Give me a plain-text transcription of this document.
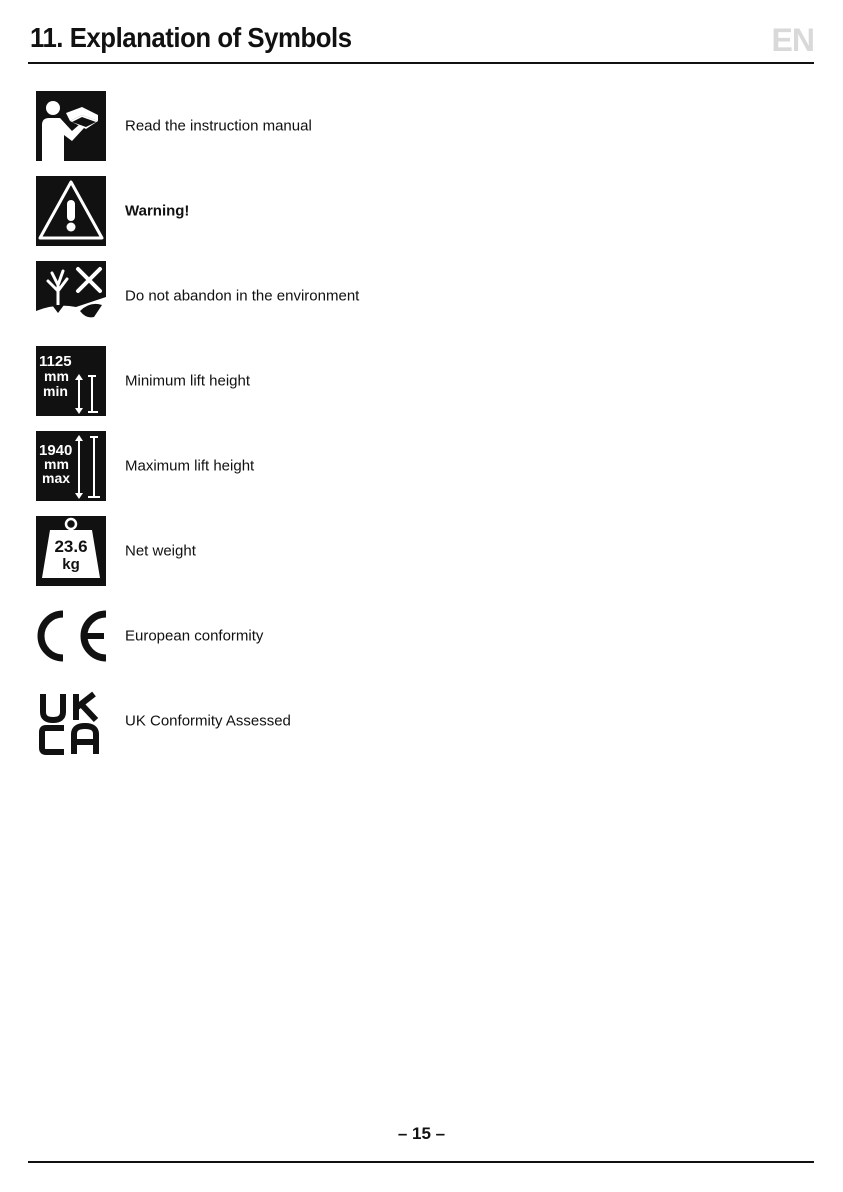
11. Explanation of Symbols	EN
Read the instruction manual
Warning!
Do not abandon in the environment
1125
mm
min
Minimum lift height
1940
mm
max
Maximum lift height
23.6
kg
Net weight
European conformity
UK Conformity Assessed
– 15 –
